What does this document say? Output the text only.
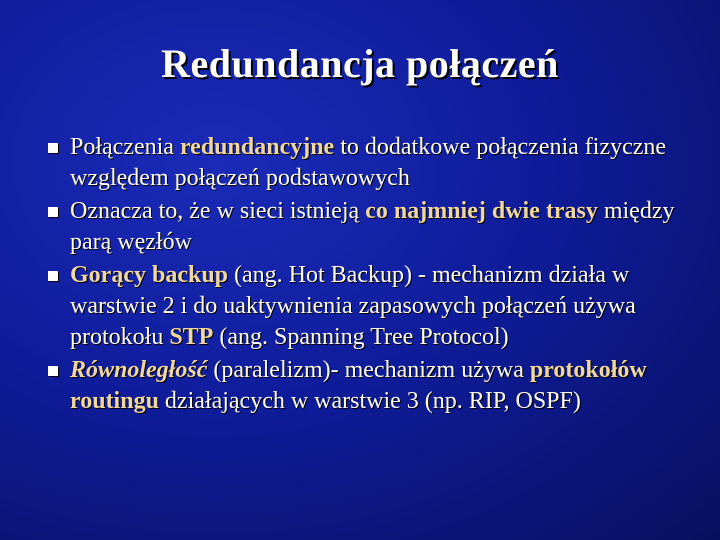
Redundancja połączeń
Połączenia redundancyjne to dodatkowe połączenia fizyczne względem połączeń podstawowych
Oznacza to, że w sieci istnieją co najmniej dwie trasy między parą węzłów
Gorący backup (ang. Hot Backup) - mechanizm działa w warstwie 2 i do uaktywnienia zapasowych połączeń używa protokołu STP (ang. Spanning Tree Protocol)
Równoległość (paralelizm)- mechanizm używa protokołów routingu działających w warstwie 3 (np. RIP, OSPF)
